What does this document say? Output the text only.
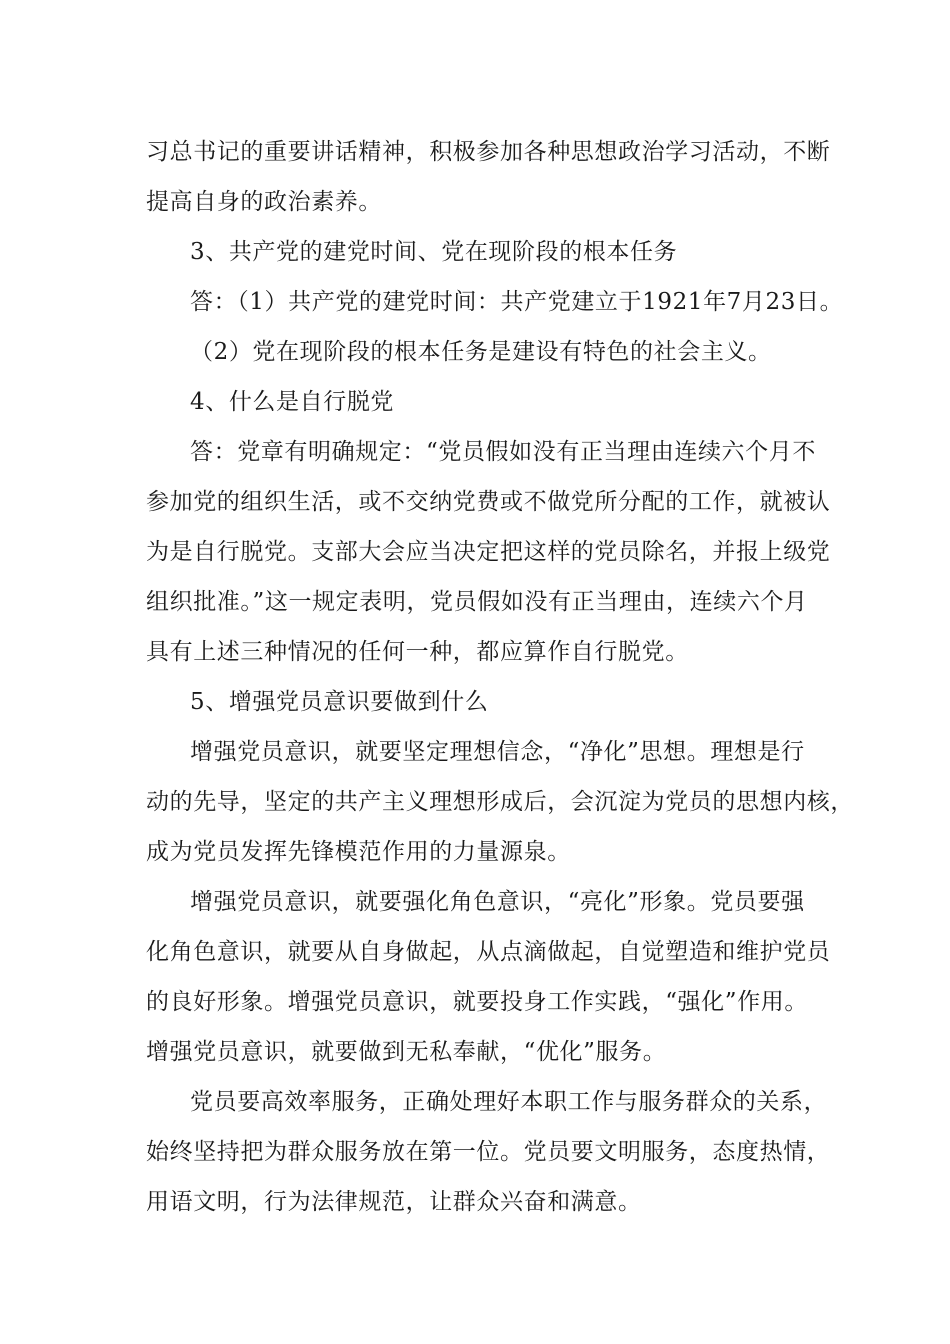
习总书记的重要讲话精神，积极参加各种思想政治学习活动，不断
提高自身的政治素养。
3、共产党的建党时间、党在现阶段的根本任务
答：（1）共产党的建党时间：共产党建立于1921年7月23日。
（2）党在现阶段的根本任务是建设有特色的社会主义。
4、什么是自行脱党
答：党章有明确规定：“党员假如没有正当理由连续六个月不
参加党的组织生活，或不交纳党费或不做党所分配的工作，就被认
为是自行脱党。支部大会应当决定把这样的党员除名，并报上级党
组织批准。”这一规定表明，党员假如没有正当理由，连续六个月
具有上述三种情况的任何一种，都应算作自行脱党。
5、增强党员意识要做到什么
增强党员意识，就要坚定理想信念，“净化”思想。理想是行
动的先导，坚定的共产主义理想形成后，会沉淀为党员的思想内核，
成为党员发挥先锋模范作用的力量源泉。
增强党员意识，就要强化角色意识，“亮化”形象。党员要强
化角色意识，就要从自身做起，从点滴做起，自觉塑造和维护党员
的良好形象。增强党员意识，就要投身工作实践，“强化”作用。
增强党员意识，就要做到无私奉献，“优化”服务。
党员要高效率服务，正确处理好本职工作与服务群众的关系，
始终坚持把为群众服务放在第一位。党员要文明服务，态度热情，
用语文明，行为法律规范，让群众兴奋和满意。
